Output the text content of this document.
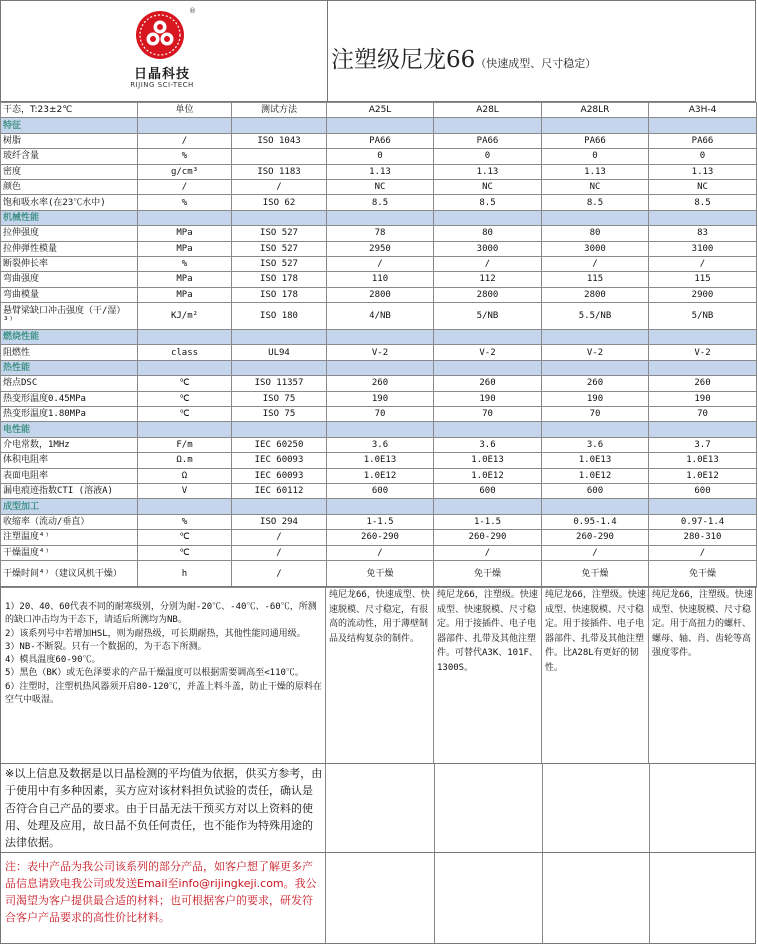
®
日晶科技
RIJING SCI-TECH
注塑级尼龙66（快速成型、尺寸稳定）
干态，T:23±2℃	单位	测试方法	A25L	A28L	A28LR	A3H-4
特征						
树脂	/	ISO 1043	PA66	PA66	PA66	PA66
玻纤含量	%		0	0	0	0
密度	g/cm³	ISO 1183	1.13	1.13	1.13	1.13
颜色	/	/	NC	NC	NC	NC
饱和吸水率(在23℃水中)	%	ISO 62	8.5	8.5	8.5	8.5
机械性能						
拉伸强度	MPa	ISO 527	78	80	80	83
拉伸弹性模量	MPa	ISO 527	2950	3000	3000	3100
断裂伸长率	%	ISO 527	/	/	/	/
弯曲强度	MPa	ISO 178	110	112	115	115
弯曲模量	MPa	ISO 178	2800	2800	2800	2900
悬臂梁缺口冲击强度（干/湿）³⁾	KJ/m²	ISO 180	4/NB	5/NB	5.5/NB	5/NB
燃烧性能						
阻燃性	class	UL94	V-2	V-2	V-2	V-2
热性能						
熔点DSC	℃	ISO 11357	260	260	260	260
热变形温度0.45MPa	℃	ISO 75	190	190	190	190
热变形温度1.80MPa	℃	ISO 75	70	70	70	70
电性能						
介电常数，1MHz	F/m	IEC 60250	3.6	3.6	3.6	3.7
体积电阻率	Ω.m	IEC 60093	1.0E13	1.0E13	1.0E13	1.0E13
表面电阻率	Ω	IEC 60093	1.0E12	1.0E12	1.0E12	1.0E12
漏电痕迹指数CTI (溶液A)	V	IEC 60112	600	600	600	600
成型加工						
收缩率（流动/垂直）	%	ISO 294	1-1.5	1-1.5	0.95-1.4	0.97-1.4
注塑温度⁴⁾	℃	/	260-290	260-290	260-290	280-310
干燥温度⁴⁾	℃	/	/	/	/	/
干燥时间⁴⁾（建议风机干燥）	h	/	免干燥	免干燥	免干燥	免干燥

1）20、40、60代表不同的耐寒级别，分别为耐-20℃、-40℃、-60℃，所测的缺口冲击均为干态下，请适后所测均为NB。

2）该系列号中若增加HSL，则为耐热级，可长期耐热，其他性能同通用级。

3）NB-不断裂。只有一个数据的，为干态下所测。

4）模具温度60-90℃。

5）黑色（BK）或无色泽要求的产品干燥温度可以根据需要调高至<110℃。

6）注塑时，注塑机热风器须开启80-120℃，并盖上料斗盖，防止干燥的原料在空气中吸湿。

纯尼龙66，快速成型、快速脱模、尺寸稳定，有很高的流动性，用于薄壁制品及结构复杂的制件。
纯尼龙66，注塑级。快速成型、快速脱模、尺寸稳定。用于接插件、电子电器部件、扎带及其他注塑件。可替代A3K、101F、1300S。
纯尼龙66，注塑级。快速成型、快速脱模、尺寸稳定。用于接插件、电子电器部件、扎带及其他注塑件。比A28L有更好的韧性。
纯尼龙66，注塑级。快速成型、快速脱模、尺寸稳定。用于高扭力的螺杆、螺母、轴、肖、齿轮等高强度零件。
※以上信息及数据是以日晶检测的平均值为依据，供买方参考，由于使用中有多种因素，买方应对该材料担负试验的责任，确认是否符合自己产品的要求。由于日晶无法干预买方对以上资料的使用、处理及应用，故日晶不负任何责任，也不能作为特殊用途的法律依据。
注：表中产品为我公司该系列的部分产品，如客户想了解更多产品信息请致电我公司或发送Email至info@rijingkeji.com。我公司渴望为客户提供最合适的材料；也可根据客户的要求，研发符合客户产品要求的高性价比材料。
